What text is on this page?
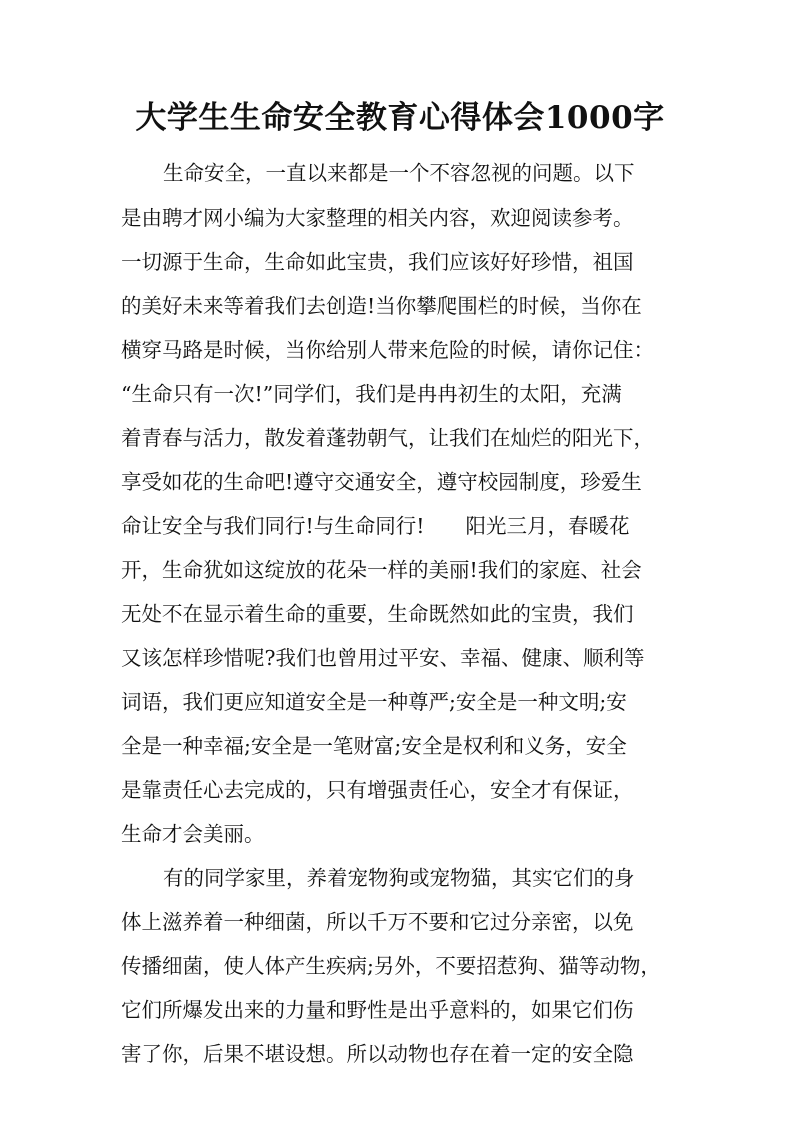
大学生生命安全教育心得体会1000字
生命安全，一直以来都是一个不容忽视的问题。以下
是由聘才网小编为大家整理的相关内容，欢迎阅读参考。
一切源于生命，生命如此宝贵，我们应该好好珍惜，祖国
的美好未来等着我们去创造!当你攀爬围栏的时候，当你在
横穿马路是时候，当你给别人带来危险的时候，请你记住：
“生命只有一次!”同学们，我们是冉冉初生的太阳，充满
着青春与活力，散发着蓬勃朝气，让我们在灿烂的阳光下，
享受如花的生命吧!遵守交通安全，遵守校园制度，珍爱生
命让安全与我们同行!与生命同行!　　阳光三月，春暖花
开，生命犹如这绽放的花朵一样的美丽!我们的家庭、社会
无处不在显示着生命的重要，生命既然如此的宝贵，我们
又该怎样珍惜呢?我们也曾用过平安、幸福、健康、顺利等
词语，我们更应知道安全是一种尊严;安全是一种文明;安
全是一种幸福;安全是一笔财富;安全是权利和义务，安全
是靠责任心去完成的，只有增强责任心，安全才有保证，
生命才会美丽。
有的同学家里，养着宠物狗或宠物猫，其实它们的身
体上滋养着一种细菌，所以千万不要和它过分亲密，以免
传播细菌，使人体产生疾病;另外，不要招惹狗、猫等动物，
它们所爆发出来的力量和野性是出乎意料的，如果它们伤
害了你，后果不堪设想。所以动物也存在着一定的安全隐
